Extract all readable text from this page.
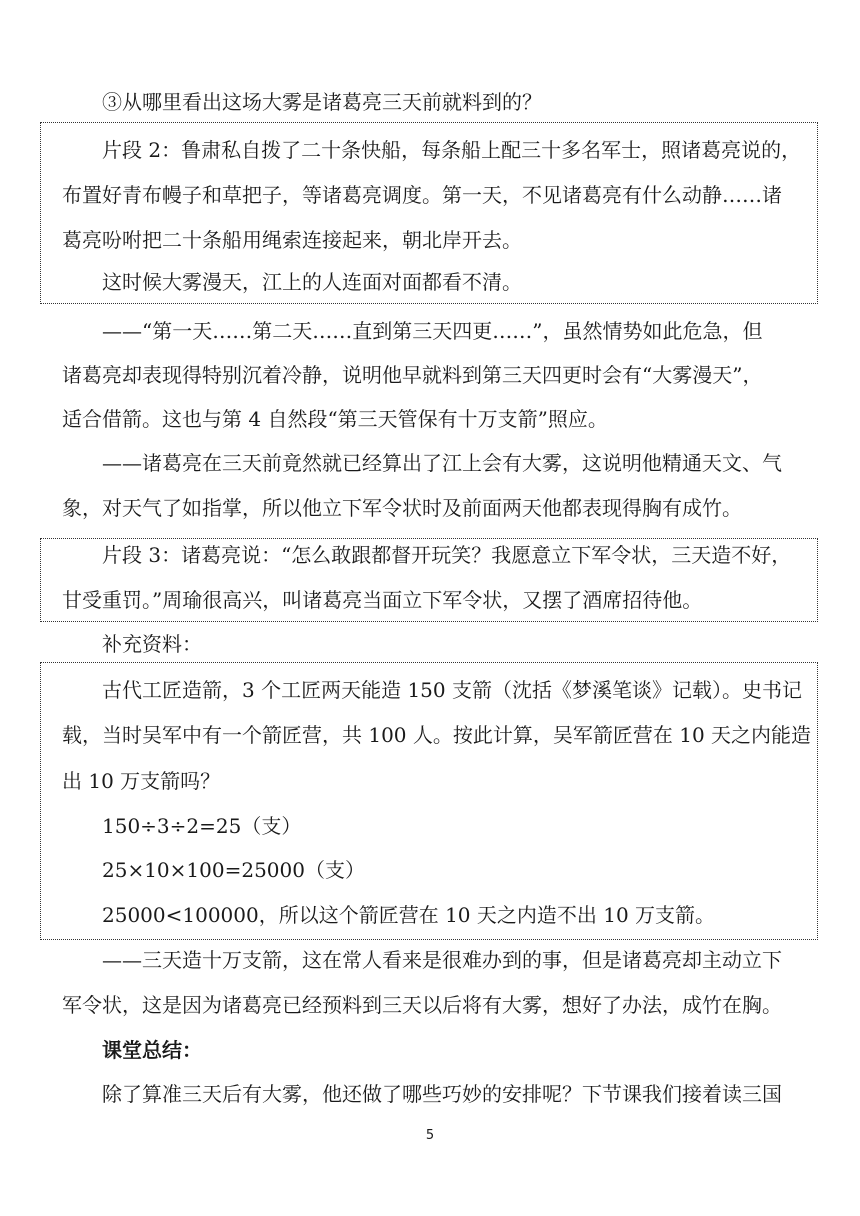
③从哪里看出这场大雾是诸葛亮三天前就料到的？
片段 2：鲁肃私自拨了二十条快船，每条船上配三十多名军士，照诸葛亮说的，
布置好青布幔子和草把子，等诸葛亮调度。第一天，不见诸葛亮有什么动静……诸
葛亮吩咐把二十条船用绳索连接起来，朝北岸开去。
这时候大雾漫天，江上的人连面对面都看不清。
——“第一天……第二天……直到第三天四更……”，虽然情势如此危急，但
诸葛亮却表现得特别沉着冷静，说明他早就料到第三天四更时会有“大雾漫天”，
适合借箭。这也与第 4 自然段“第三天管保有十万支箭”照应。
——诸葛亮在三天前竟然就已经算出了江上会有大雾，这说明他精通天文、气
象，对天气了如指掌，所以他立下军令状时及前面两天他都表现得胸有成竹。
片段 3：诸葛亮说：“怎么敢跟都督开玩笑？我愿意立下军令状，三天造不好，
甘受重罚。”周瑜很高兴，叫诸葛亮当面立下军令状，又摆了酒席招待他。
补充资料：
古代工匠造箭，3 个工匠两天能造 150 支箭（沈括《梦溪笔谈》记载）。史书记
载，当时吴军中有一个箭匠营，共 100 人。按此计算，吴军箭匠营在 10 天之内能造
出 10 万支箭吗？
150÷3÷2=25（支）
25×10×100=25000（支）
25000<100000，所以这个箭匠营在 10 天之内造不出 10 万支箭。
——三天造十万支箭，这在常人看来是很难办到的事，但是诸葛亮却主动立下
军令状，这是因为诸葛亮已经预料到三天以后将有大雾，想好了办法，成竹在胸。
课堂总结：
除了算准三天后有大雾，他还做了哪些巧妙的安排呢？下节课我们接着读三国
5
